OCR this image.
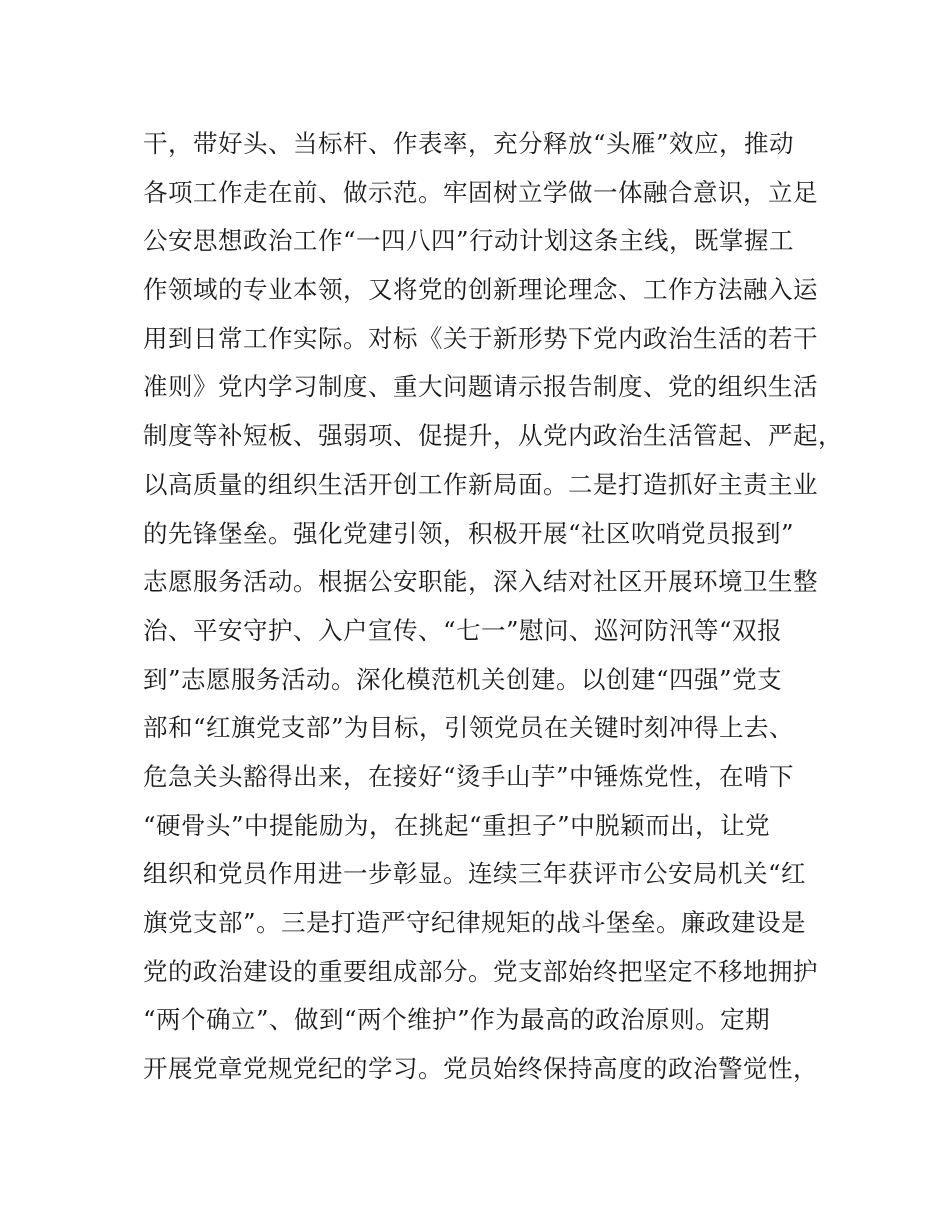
干，带好头、当标杆、作表率，充分释放“头雁”效应，推动
各项工作走在前、做示范。牢固树立学做一体融合意识，立足
公安思想政治工作“一四八四”行动计划这条主线，既掌握工
作领域的专业本领，又将党的创新理论理念、工作方法融入运
用到日常工作实际。对标《关于新形势下党内政治生活的若干
准则》党内学习制度、重大问题请示报告制度、党的组织生活
制度等补短板、强弱项、促提升，从党内政治生活管起、严起，
以高质量的组织生活开创工作新局面。二是打造抓好主责主业
的先锋堡垒。强化党建引领，积极开展“社区吹哨党员报到”
志愿服务活动。根据公安职能，深入结对社区开展环境卫生整
治、平安守护、入户宣传、“七一”慰问、巡河防汛等“双报
到”志愿服务活动。深化模范机关创建。以创建“四强”党支
部和“红旗党支部”为目标，引领党员在关键时刻冲得上去、
危急关头豁得出来，在接好“烫手山芋”中锤炼党性，在啃下
“硬骨头”中提能励为，在挑起“重担子”中脱颖而出，让党
组织和党员作用进一步彰显。连续三年获评市公安局机关“红
旗党支部”。三是打造严守纪律规矩的战斗堡垒。廉政建设是
党的政治建设的重要组成部分。党支部始终把坚定不移地拥护
“两个确立”、做到“两个维护”作为最高的政治原则。定期
开展党章党规党纪的学习。党员始终保持高度的政治警觉性，
